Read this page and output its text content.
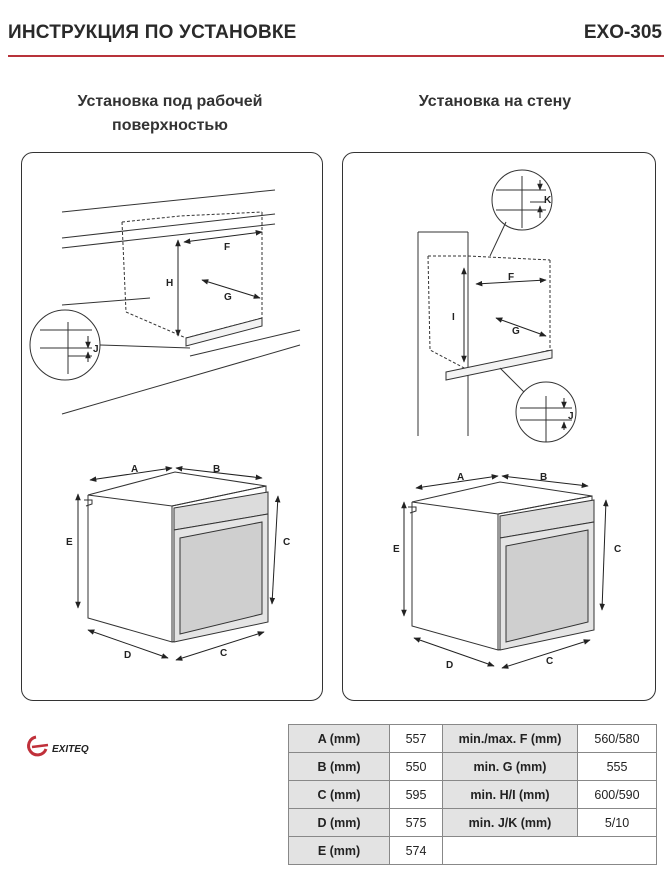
ИНСТРУКЦИЯ ПО УСТАНОВКЕ	EXO-305
Установка под рабочей
поверхностью
Установка на стену
H
F
G
J
A	B
E	C
D	C
I
F
G
K
J
A	B
E	C
D	C
EXITEQ
A (mm)	557	min./max. F (mm)	560/580
B (mm)	550	min. G (mm)	555
C (mm)	595	min. H/I (mm)	600/590
D (mm)	575	min. J/K (mm)	5/10
E (mm)	574		
